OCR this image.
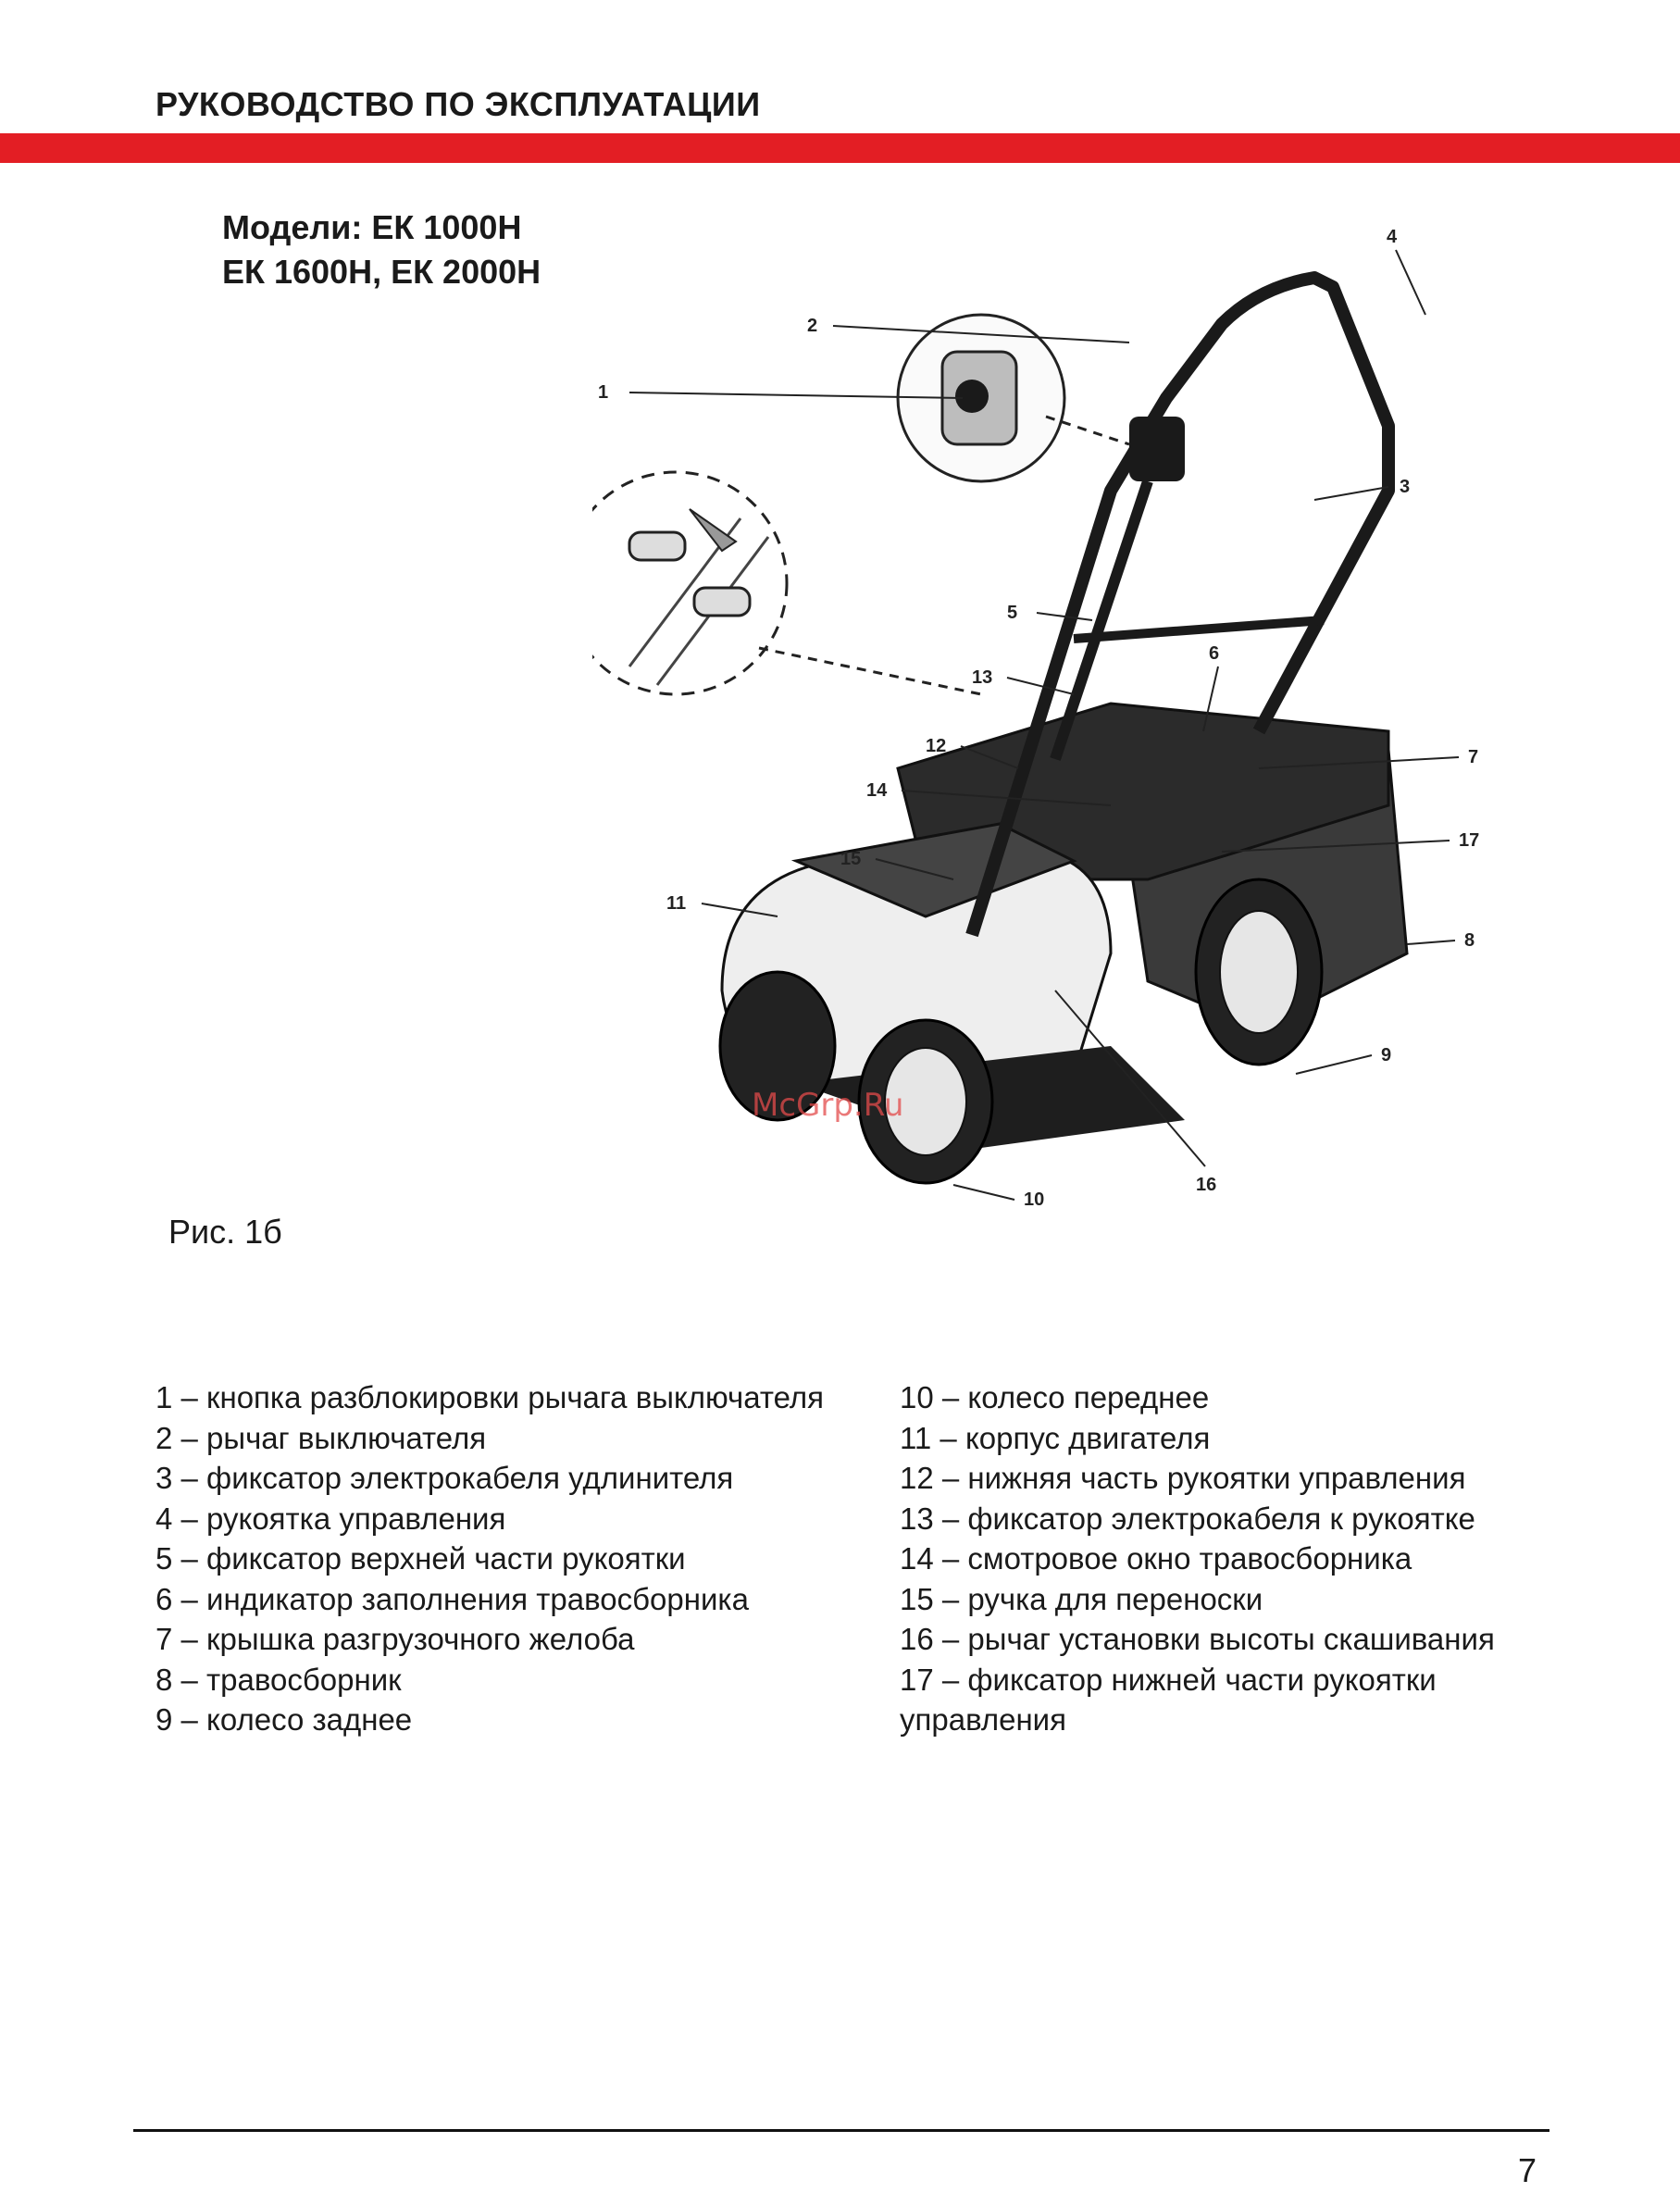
РУКОВОДСТВО ПО ЭКСПЛУАТАЦИИ
Модели: ЕК 1000Н
ЕК 1600Н, ЕК 2000Н
1
2
3
4
5
6
7
8
9
10
11
12
13
14
15
16
17
McGrp.Ru
Рис. 1б
1 – кнопка разблокировки рычага выключателя
2 – рычаг выключателя
3 – фиксатор электрокабеля удлинителя
4 – рукоятка управления
5 – фиксатор верхней части рукоятки
6 – индикатор заполнения травосборника
7 – крышка разгрузочного желоба
8 – травосборник
9 – колесо заднее
10 – колесо переднее
11 – корпус двигателя
12 – нижняя часть рукоятки управления
13 – фиксатор электрокабеля к рукоятке
14 – смотровое окно травосборника
15 – ручка для переноски
16 – рычаг установки высоты скашивания
17 – фиксатор нижней части рукоятки управления
7
